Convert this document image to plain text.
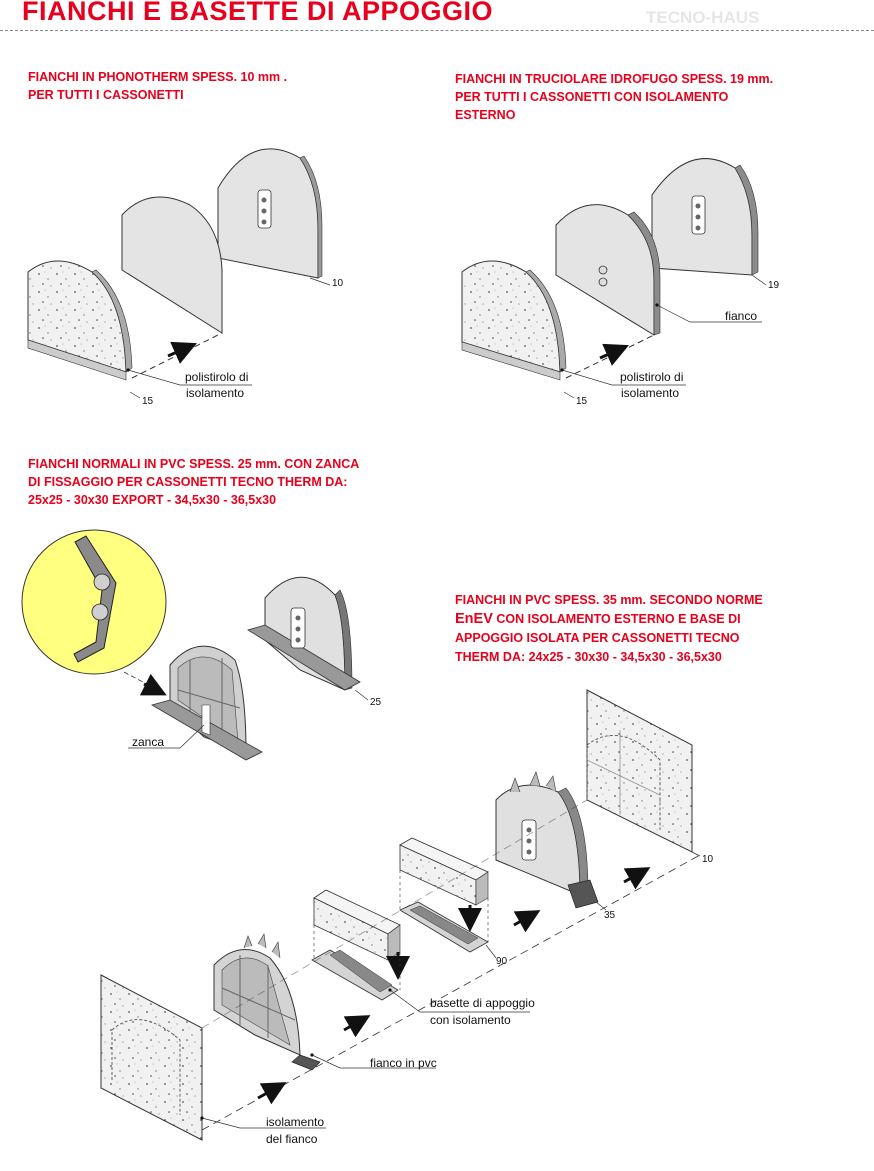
FIANCHI E BASETTE DI APPOGGIO	TECNO-HAUS
FIANCHI IN PHONOTHERM SPESS. 10 mm .
PER TUTTI I CASSONETTI
FIANCHI IN TRUCIOLARE IDROFUGO SPESS. 19 mm.
PER TUTTI I CASSONETTI CON ISOLAMENTO
ESTERNO
FIANCHI NORMALI IN PVC SPESS. 25 mm. CON ZANCA
DI FISSAGGIO PER CASSONETTI TECNO THERM DA:
25x25 - 30x30 EXPORT - 34,5x30 - 36,5x30
FIANCHI IN PVC SPESS. 35 mm. SECONDO NORME
EnEV CON ISOLAMENTO ESTERNO E BASE DI
APPOGGIO ISOLATA PER CASSONETTI TECNO
THERM DA: 24x25 - 30x30 - 34,5x30 - 36,5x30
10
15
polistirolo di
isolamento
19
15
fianco
polistirolo di
isolamento
25
zanca
10
35
90
basette di appoggio
con isolamento
fianco in pvc
isolamento
del fianco
